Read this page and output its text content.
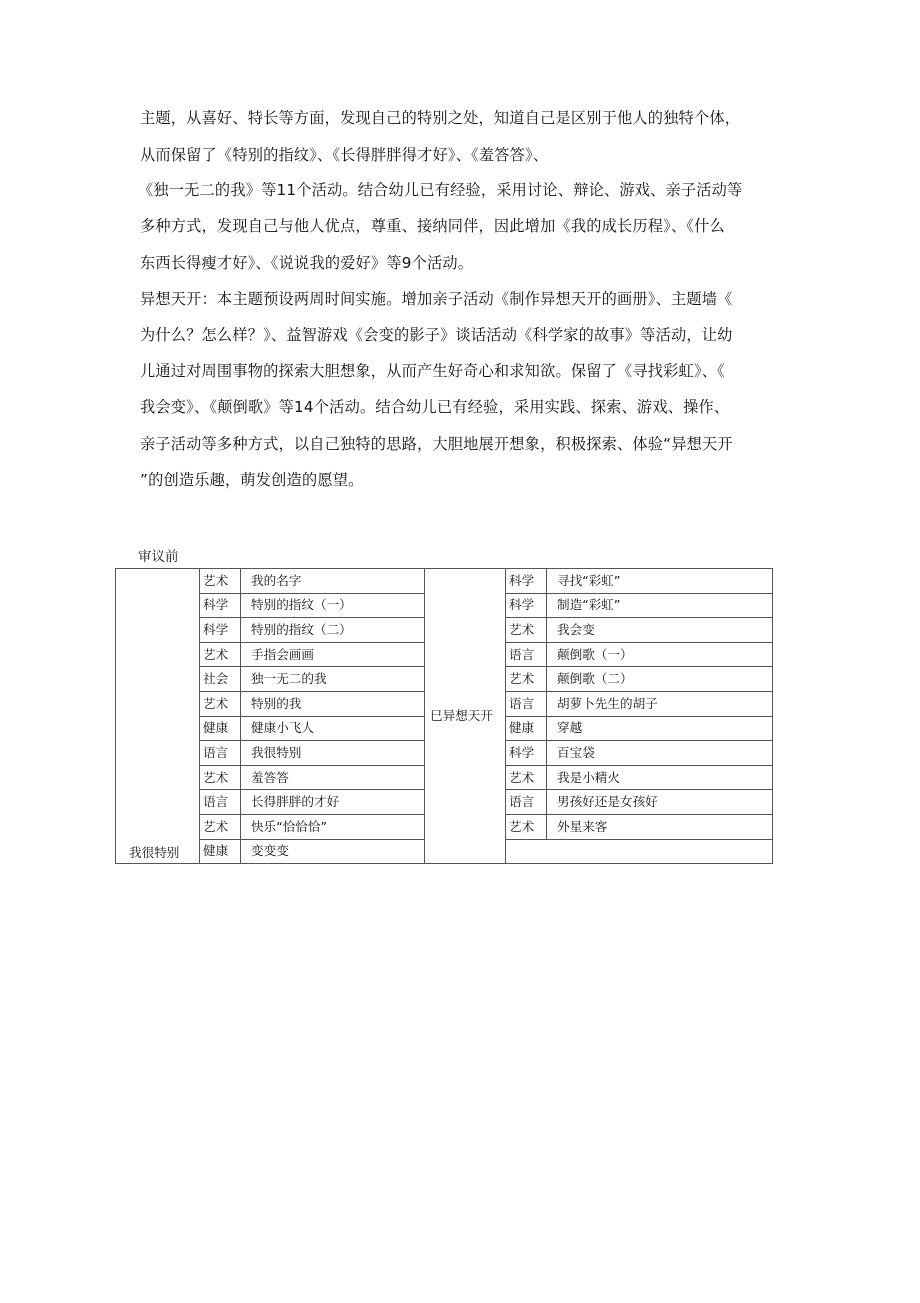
主题，从喜好、特长等方面，发现自己的特别之处，知道自己是区别于他人的独特个体，
从而保留了《特别的指纹》、《长得胖胖得才好》、《羞答答》、
《独一无二的我》等11个活动。结合幼儿已有经验，采用讨论、辩论、游戏、亲子活动等
多种方式，发现自己与他人优点，尊重、接纳同伴，因此增加《我的成长历程》、《什么
东西长得瘦才好》、《说说我的爱好》等9个活动。
异想天开：本主题预设两周时间实施。增加亲子活动《制作异想天开的画册》、主题墙《
为什么？怎么样？》、益智游戏《会变的影子》谈话活动《科学家的故事》等活动，让幼
儿通过对周围事物的探索大胆想象，从而产生好奇心和求知欲。保留了《寻找彩虹》、《
我会变》、《颠倒歌》等14个活动。结合幼儿已有经验，采用实践、探索、游戏、操作、
亲子活动等多种方式，以自己独特的思路，大胆地展开想象，积极探索、体验“异想天开
”的创造乐趣，萌发创造的愿望。
审议前
我很特别	艺术	我的名字	巳异想天开	科学	寻找“彩虹”
	科学	特别的指纹（一）		科学	制造“彩虹”
	科学	特别的指纹（二）		艺术	我会变
	艺术	手指会画画		语言	颠倒歌（一）
	社会	独一无二的我		艺术	颠倒歌（二）
	艺术	特别的我		语言	胡萝卜先生的胡子
	健康	健康小飞人		健康	穿越
	语言	我很特别		科学	百宝袋
	艺术	羞答答		艺术	我是小精火
	语言	长得胖胖的才好		语言	男孩好还是女孩好
	艺术	快乐“恰恰恰”		艺术	外星来客
	健康	变变变			
